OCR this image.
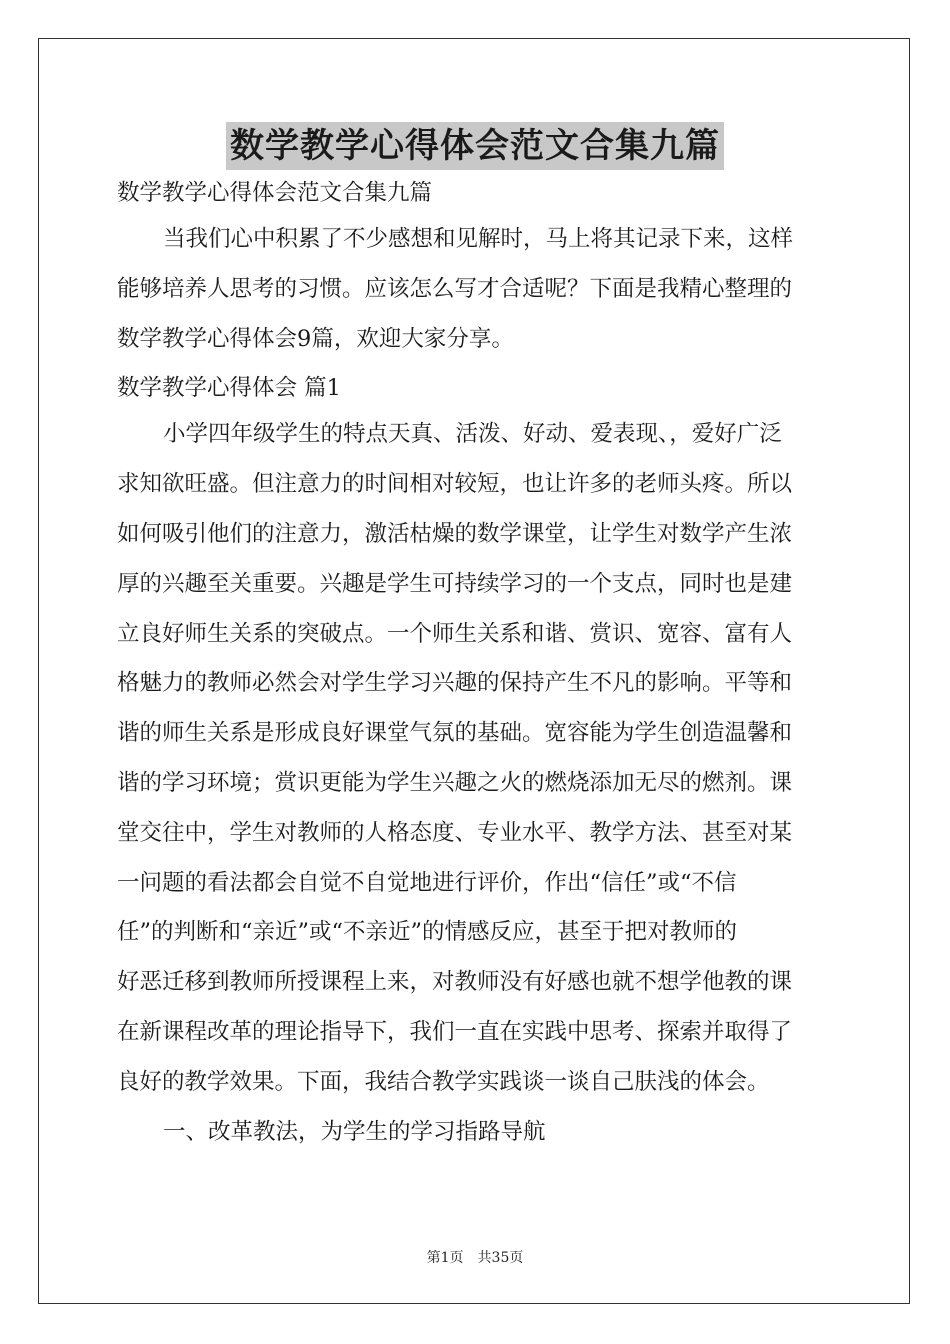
数学教学心得体会范文合集九篇

数学教学心得体会范文合集九篇

当我们心中积累了不少感想和见解时，马上将其记录下来，这样

能够培养人思考的习惯。应该怎么写才合适呢？下面是我精心整理的

数学教学心得体会9篇，欢迎大家分享。

数学教学心得体会 篇1

小学四年级学生的特点天真、活泼、好动、爱表现、，爱好广泛

求知欲旺盛。但注意力的时间相对较短，也让许多的老师头疼。所以

如何吸引他们的注意力，激活枯燥的数学课堂，让学生对数学产生浓

厚的兴趣至关重要。兴趣是学生可持续学习的一个支点，同时也是建

立良好师生关系的突破点。一个师生关系和谐、赏识、宽容、富有人

格魅力的教师必然会对学生学习兴趣的保持产生不凡的影响。平等和

谐的师生关系是形成良好课堂气氛的基础。宽容能为学生创造温馨和

谐的学习环境；赏识更能为学生兴趣之火的燃烧添加无尽的燃剂。课

堂交往中，学生对教师的人格态度、专业水平、教学方法、甚至对某

一问题的看法都会自觉不自觉地进行评价，作出“信任”或“不信

任”的判断和“亲近”或“不亲近”的情感反应，甚至于把对教师的

好恶迁移到教师所授课程上来，对教师没有好感也就不想学他教的课

在新课程改革的理论指导下，我们一直在实践中思考、探索并取得了

良好的教学效果。下面，我结合教学实践谈一谈自己肤浅的体会。

一、改革教法，为学生的学习指路导航

第1页　共35页
